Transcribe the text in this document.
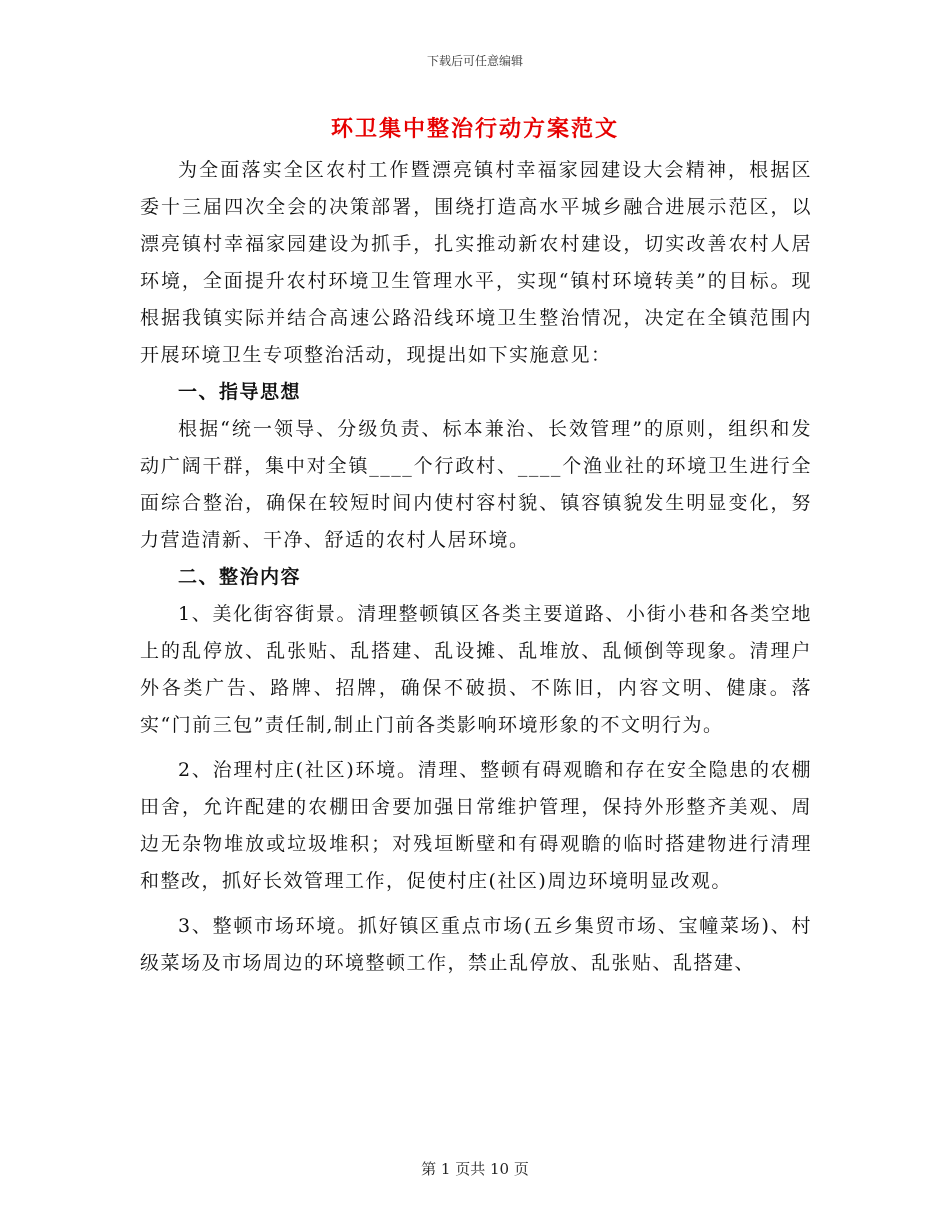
下载后可任意编辑
环卫集中整治行动方案范文

为全面落实全区农村工作暨漂亮镇村幸福家园建设大会精神，根据区委十三届四次全会的决策部署，围绕打造高水平城乡融合进展示范区，以漂亮镇村幸福家园建设为抓手，扎实推动新农村建设，切实改善农村人居环境，全面提升农村环境卫生管理水平，实现“镇村环境转美”的目标。现根据我镇实际并结合高速公路沿线环境卫生整治情况，决定在全镇范围内开展环境卫生专项整治活动，现提出如下实施意见：

一、指导思想

根据“统一领导、分级负责、标本兼治、长效管理”的原则，组织和发动广阔干群，集中对全镇____个行政村、____个渔业社的环境卫生进行全面综合整治，确保在较短时间内使村容村貌、镇容镇貌发生明显变化，努力营造清新、干净、舒适的农村人居环境。

二、整治内容

1、美化街容街景。清理整顿镇区各类主要道路、小街小巷和各类空地上的乱停放、乱张贴、乱搭建、乱设摊、乱堆放、乱倾倒等现象。清理户外各类广告、路牌、招牌，确保不破损、不陈旧，内容文明、健康。落实“门前三包”责任制,制止门前各类影响环境形象的不文明行为。

2、治理村庄(社区)环境。清理、整顿有碍观瞻和存在安全隐患的农棚田舍，允许配建的农棚田舍要加强日常维护管理，保持外形整齐美观、周边无杂物堆放或垃圾堆积；对残垣断壁和有碍观瞻的临时搭建物进行清理和整改，抓好长效管理工作，促使村庄(社区)周边环境明显改观。

3、整顿市场环境。抓好镇区重点市场(五乡集贸市场、宝幢菜场)、村级菜场及市场周边的环境整顿工作，禁止乱停放、乱张贴、乱搭建、

第 1 页共 10 页
